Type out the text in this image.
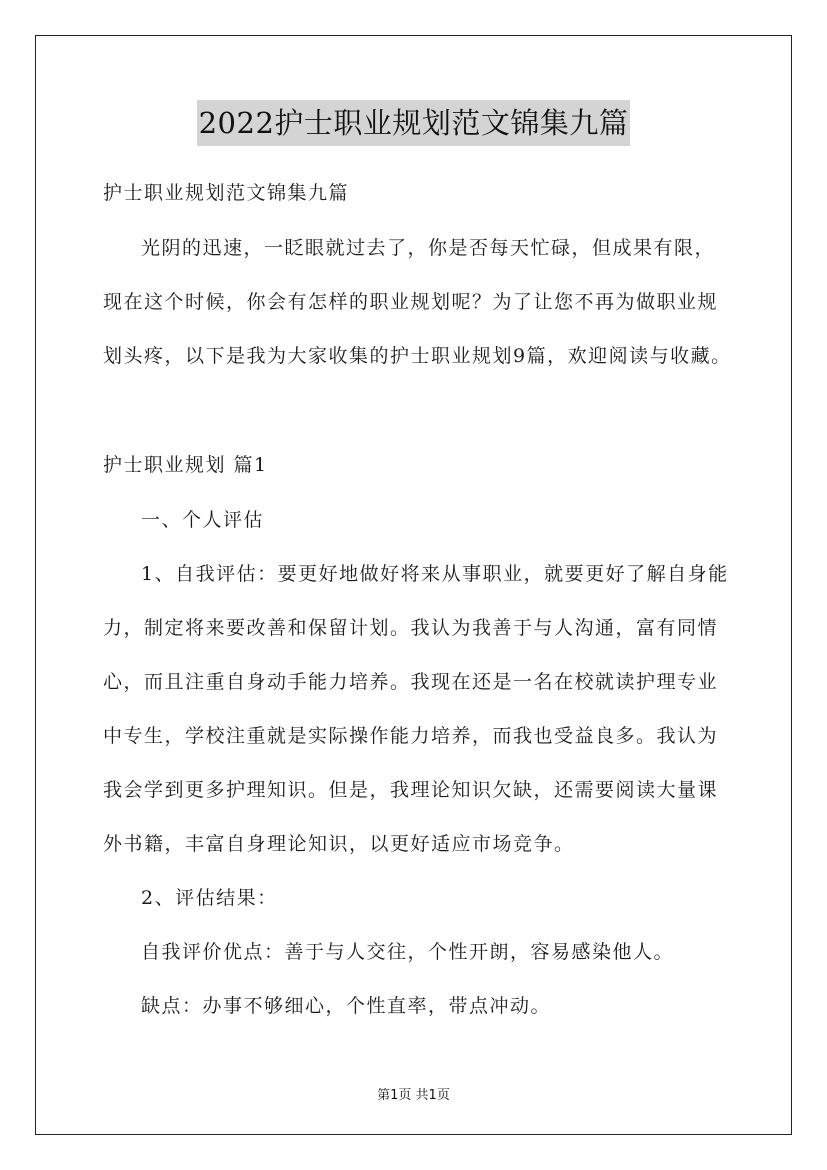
2022护士职业规划范文锦集九篇
护士职业规划范文锦集九篇
光阴的迅速，一眨眼就过去了，你是否每天忙碌，但成果有限，
现在这个时候，你会有怎样的职业规划呢？为了让您不再为做职业规
划头疼，以下是我为大家收集的护士职业规划9篇，欢迎阅读与收藏。
护士职业规划 篇1
一、个人评估
1、自我评估：要更好地做好将来从事职业，就要更好了解自身能
力，制定将来要改善和保留计划。我认为我善于与人沟通，富有同情
心，而且注重自身动手能力培养。我现在还是一名在校就读护理专业
中专生，学校注重就是实际操作能力培养，而我也受益良多。我认为
我会学到更多护理知识。但是，我理论知识欠缺，还需要阅读大量课
外书籍，丰富自身理论知识，以更好适应市场竞争。
2、评估结果：
自我评价优点：善于与人交往，个性开朗，容易感染他人。
缺点：办事不够细心，个性直率，带点冲动。
第1页 共1页
